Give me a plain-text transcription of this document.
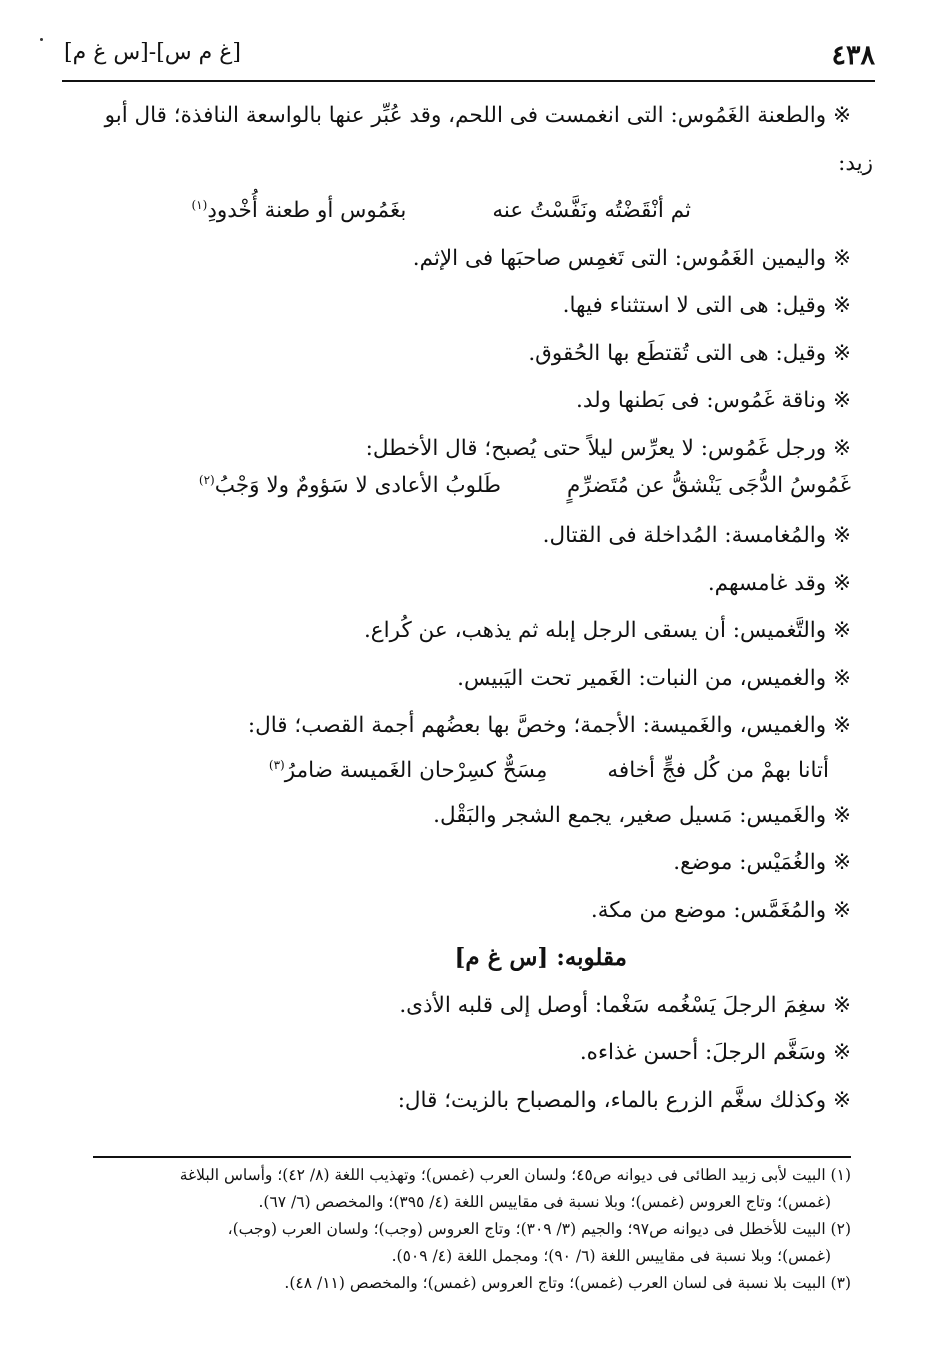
٤٣٨
[غ م س]-[س غ م]

※ والطعنة الغَمُوس: التى انغمست فى اللحم، وقد عُبِّر عنها بالواسعة النافذة؛ قال أبو

زيد:

ثم أنْقَضْتُه ونَفَّسْتُ عنه
بغَمُوس أو طعنة أُخْدودِ$^{(١)}$

※ واليمين الغَمُوس: التى تَغمِس صاحبَها فى الإثم.

※ وقيل: هى التى لا استثناء فيها.

※ وقيل: هى التى تُقتطَع بها الحُقوق.

※ وناقة غَمُوس: فى بَطنها ولد.

※ ورجل غَمُوس: لا يعرِّس ليلاً حتى يُصبح؛ قال الأخطل:

غَمُوسُ الدُّجَى يَنْشقُّ عن مُتَضرِّمٍ
طَلوبُ الأعادى لا سَؤومٌ ولا وَجْبُ$^{(٢)}$

※ والمُغامسة: المُداخلة فى القتال.

※ وقد غامسهم.

※ والتَّغميس: أن يسقى الرجل إبله ثم يذهب، عن كُراع.

※ والغميس، من النبات: الغَمير تحت اليَبيس.

※ والغميس، والغَميسة: الأجمة؛ وخصَّ بها بعضُهم أجمة القصب؛ قال:

أتانا بهمْ من كُل فجٍّ أخافه
مِسَحٌّ كسِرْحان الغَميسة ضامرُ$^{(٣)}$

※ والغَميس: مَسيل صغير، يجمع الشجر والبَقْل.

※ والغُمَيْس: موضع.

※ والمُغَمَّس: موضع من مكة.

مقلوبه: [س غ م]

※ سغِمَ الرجلَ يَسْغُمه سَغْما: أوصل إلى قلبه الأذى.

※ وسَغَّم الرجلَ: أحسن غذاءه.

※ وكذلك سغَّم الزرع بالماء، والمصباح بالزيت؛ قال:

(١) البيت لأبى زبيد الطائى فى ديوانه ص٤٥؛ ولسان العرب (غمس)؛ وتهذيب اللغة (٨/ ٤٢)؛ وأساس البلاغة
(غمس)؛ وتاج العروس (غمس)؛ وبلا نسبة فى مقاييس اللغة (٤/ ٣٩٥)؛ والمخصص (٦/ ٦٧).

(٢) البيت للأخطل فى ديوانه ص٩٧؛ والجيم (٣/ ٣٠٩)؛ وتاج العروس (وجب)؛ ولسان العرب (وجب)،
(غمس)؛ وبلا نسبة فى مقاييس اللغة (٦/ ٩٠)؛ ومجمل اللغة (٤/ ٥٠٩).

(٣) البيت بلا نسبة فى لسان العرب (غمس)؛ وتاج العروس (غمس)؛ والمخصص (١١/ ٤٨).
